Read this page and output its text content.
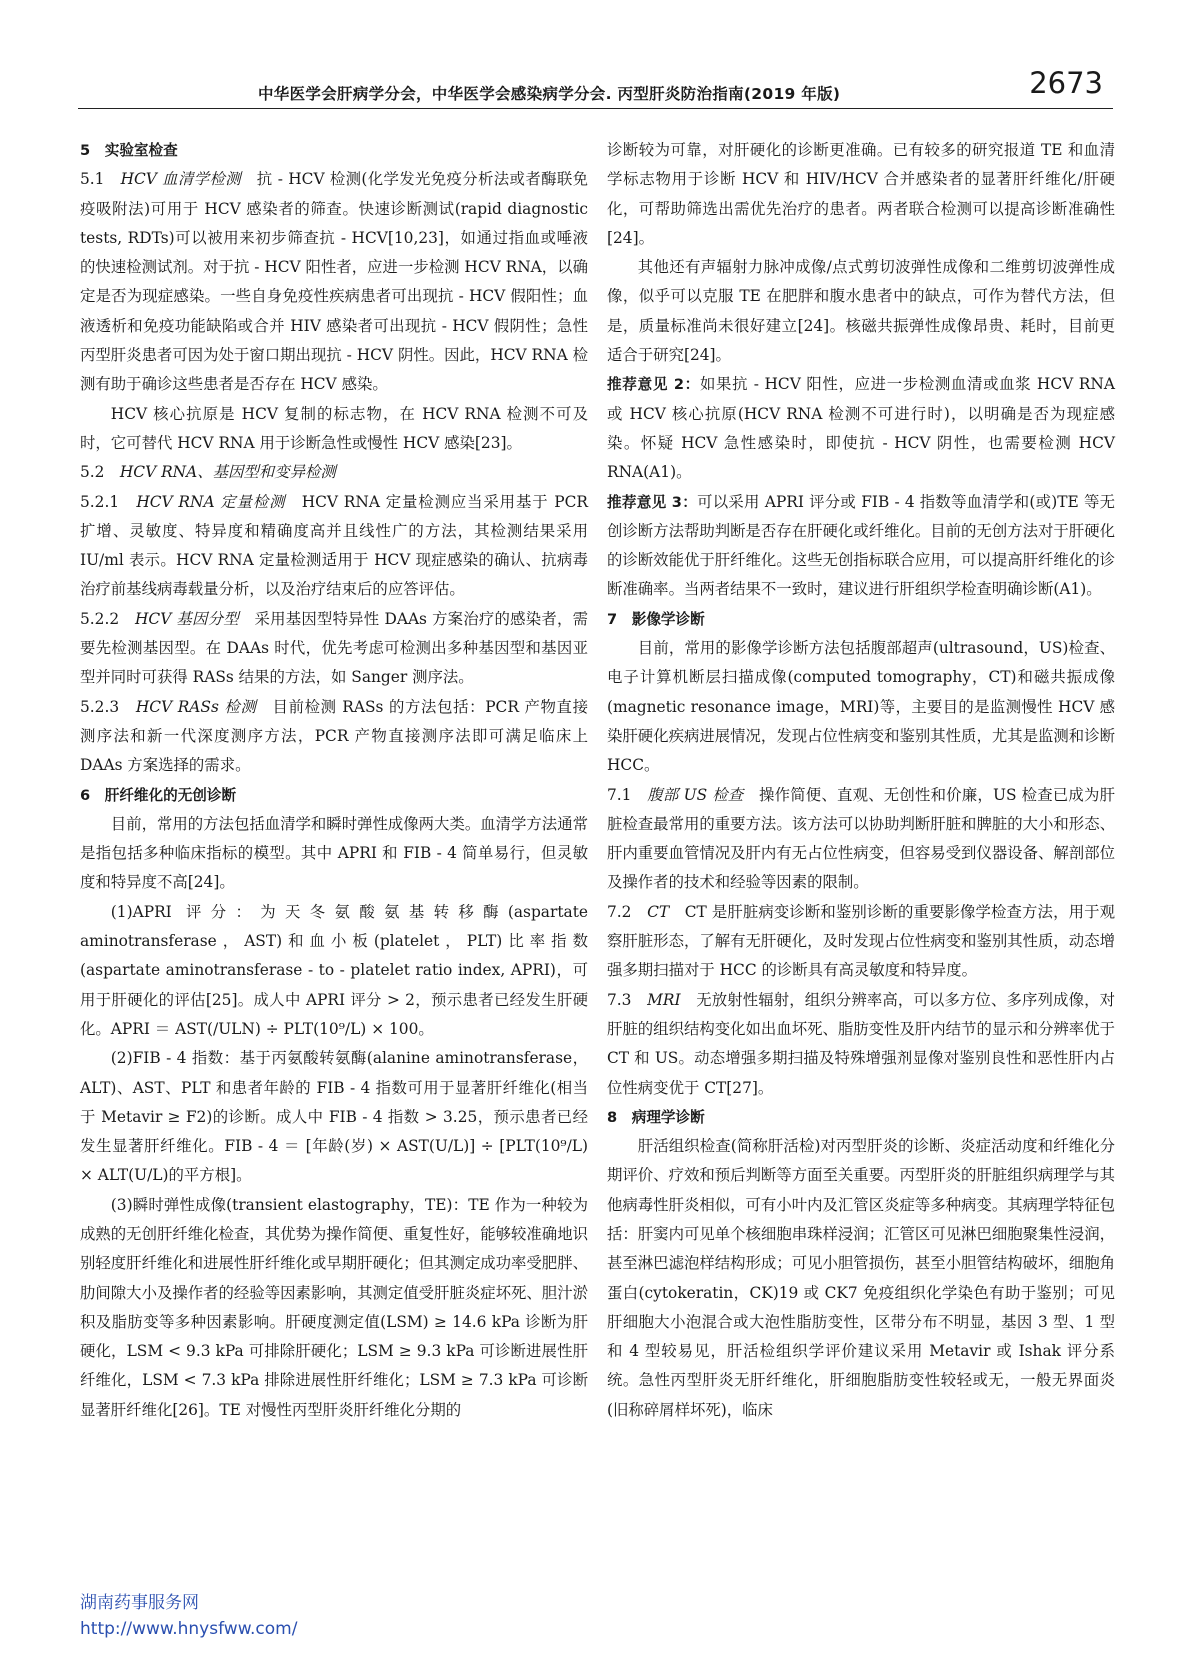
中华医学会肝病学分会，中华医学会感染病学分会. 丙型肝炎防治指南(2019 年版)	2673

5　实验室检查

5.1　HCV 血清学检测　抗 - HCV 检测(化学发光免疫分析法或者酶联免疫吸附法)可用于 HCV 感染者的筛查。快速诊断测试(rapid diagnostic tests, RDTs)可以被用来初步筛查抗 - HCV[10,23]，如通过指血或唾液的快速检测试剂。对于抗 - HCV 阳性者，应进一步检测 HCV RNA，以确定是否为现症感染。一些自身免疫性疾病患者可出现抗 - HCV 假阳性；血液透析和免疫功能缺陷或合并 HIV 感染者可出现抗 - HCV 假阴性；急性丙型肝炎患者可因为处于窗口期出现抗 - HCV 阴性。因此，HCV RNA 检测有助于确诊这些患者是否存在 HCV 感染。

HCV 核心抗原是 HCV 复制的标志物，在 HCV RNA 检测不可及时，它可替代 HCV RNA 用于诊断急性或慢性 HCV 感染[23]。

5.2　HCV RNA、基因型和变异检测

5.2.1　HCV RNA 定量检测　HCV RNA 定量检测应当采用基于 PCR 扩增、灵敏度、特异度和精确度高并且线性广的方法，其检测结果采用 IU/ml 表示。HCV RNA 定量检测适用于 HCV 现症感染的确认、抗病毒治疗前基线病毒载量分析，以及治疗结束后的应答评估。

5.2.2　HCV 基因分型　采用基因型特异性 DAAs 方案治疗的感染者，需要先检测基因型。在 DAAs 时代，优先考虑可检测出多种基因型和基因亚型并同时可获得 RASs 结果的方法，如 Sanger 测序法。

5.2.3　HCV RASs 检测　目前检测 RASs 的方法包括：PCR 产物直接测序法和新一代深度测序方法，PCR 产物直接测序法即可满足临床上 DAAs 方案选择的需求。

6　肝纤维化的无创诊断

目前，常用的方法包括血清学和瞬时弹性成像两大类。血清学方法通常是指包括多种临床指标的模型。其中 APRI 和 FIB - 4 简单易行，但灵敏度和特异度不高[24]。

(1)APRI 评分：为天冬氨酸氨基转移酶(aspartate aminotransferase，AST)和血小板(platelet，PLT)比率指数(aspartate aminotransferase - to - platelet ratio index, APRI)，可用于肝硬化的评估[25]。成人中 APRI 评分 > 2，预示患者已经发生肝硬化。APRI ＝ AST(/ULN) ÷ PLT(10⁹/L) × 100。

(2)FIB - 4 指数：基于丙氨酸转氨酶(alanine aminotransferase，ALT)、AST、PLT 和患者年龄的 FIB - 4 指数可用于显著肝纤维化(相当于 Metavir ≥ F2)的诊断。成人中 FIB - 4 指数 > 3.25，预示患者已经发生显著肝纤维化。FIB - 4 ＝ [年龄(岁) × AST(U/L)] ÷ [PLT(10⁹/L) × ALT(U/L)的平方根]。

(3)瞬时弹性成像(transient elastography，TE)：TE 作为一种较为成熟的无创肝纤维化检查，其优势为操作简便、重复性好，能够较准确地识别轻度肝纤维化和进展性肝纤维化或早期肝硬化；但其测定成功率受肥胖、肋间隙大小及操作者的经验等因素影响，其测定值受肝脏炎症坏死、胆汁淤积及脂肪变等多种因素影响。肝硬度测定值(LSM) ≥ 14.6 kPa 诊断为肝硬化，LSM < 9.3 kPa 可排除肝硬化；LSM ≥ 9.3 kPa 可诊断进展性肝纤维化，LSM < 7.3 kPa 排除进展性肝纤维化；LSM ≥ 7.3 kPa 可诊断显著肝纤维化[26]。TE 对慢性丙型肝炎肝纤维化分期的

诊断较为可靠，对肝硬化的诊断更准确。已有较多的研究报道 TE 和血清学标志物用于诊断 HCV 和 HIV/HCV 合并感染者的显著肝纤维化/肝硬化，可帮助筛选出需优先治疗的患者。两者联合检测可以提高诊断准确性[24]。

其他还有声辐射力脉冲成像/点式剪切波弹性成像和二维剪切波弹性成像，似乎可以克服 TE 在肥胖和腹水患者中的缺点，可作为替代方法，但是，质量标准尚未很好建立[24]。核磁共振弹性成像昂贵、耗时，目前更适合于研究[24]。

推荐意见 2：如果抗 - HCV 阳性，应进一步检测血清或血浆 HCV RNA 或 HCV 核心抗原(HCV RNA 检测不可进行时)，以明确是否为现症感染。怀疑 HCV 急性感染时，即使抗 - HCV 阴性，也需要检测 HCV RNA(A1)。

推荐意见 3：可以采用 APRI 评分或 FIB - 4 指数等血清学和(或)TE 等无创诊断方法帮助判断是否存在肝硬化或纤维化。目前的无创方法对于肝硬化的诊断效能优于肝纤维化。这些无创指标联合应用，可以提高肝纤维化的诊断准确率。当两者结果不一致时，建议进行肝组织学检查明确诊断(A1)。

7　影像学诊断

目前，常用的影像学诊断方法包括腹部超声(ultrasound，US)检查、电子计算机断层扫描成像(computed tomography，CT)和磁共振成像(magnetic resonance image，MRI)等，主要目的是监测慢性 HCV 感染肝硬化疾病进展情况，发现占位性病变和鉴别其性质，尤其是监测和诊断 HCC。

7.1　腹部 US 检查　操作简便、直观、无创性和价廉，US 检查已成为肝脏检查最常用的重要方法。该方法可以协助判断肝脏和脾脏的大小和形态、肝内重要血管情况及肝内有无占位性病变，但容易受到仪器设备、解剖部位及操作者的技术和经验等因素的限制。

7.2　CT　CT 是肝脏病变诊断和鉴别诊断的重要影像学检查方法，用于观察肝脏形态，了解有无肝硬化，及时发现占位性病变和鉴别其性质，动态增强多期扫描对于 HCC 的诊断具有高灵敏度和特异度。

7.3　MRI　无放射性辐射，组织分辨率高，可以多方位、多序列成像，对肝脏的组织结构变化如出血坏死、脂肪变性及肝内结节的显示和分辨率优于 CT 和 US。动态增强多期扫描及特殊增强剂显像对鉴别良性和恶性肝内占位性病变优于 CT[27]。

8　病理学诊断

肝活组织检查(简称肝活检)对丙型肝炎的诊断、炎症活动度和纤维化分期评价、疗效和预后判断等方面至关重要。丙型肝炎的肝脏组织病理学与其他病毒性肝炎相似，可有小叶内及汇管区炎症等多种病变。其病理学特征包括：肝窦内可见单个核细胞串珠样浸润；汇管区可见淋巴细胞聚集性浸润，甚至淋巴滤泡样结构形成；可见小胆管损伤，甚至小胆管结构破坏，细胞角蛋白(cytokeratin，CK)19 或 CK7 免疫组织化学染色有助于鉴别；可见肝细胞大小泡混合或大泡性脂肪变性，区带分布不明显，基因 3 型、1 型和 4 型较易见，肝活检组织学评价建议采用 Metavir 或 Ishak 评分系统。急性丙型肝炎无肝纤维化，肝细胞脂肪变性较轻或无，一般无界面炎(旧称碎屑样坏死)，临床

湖南药事服务网
http://www.hnysfww.com/
